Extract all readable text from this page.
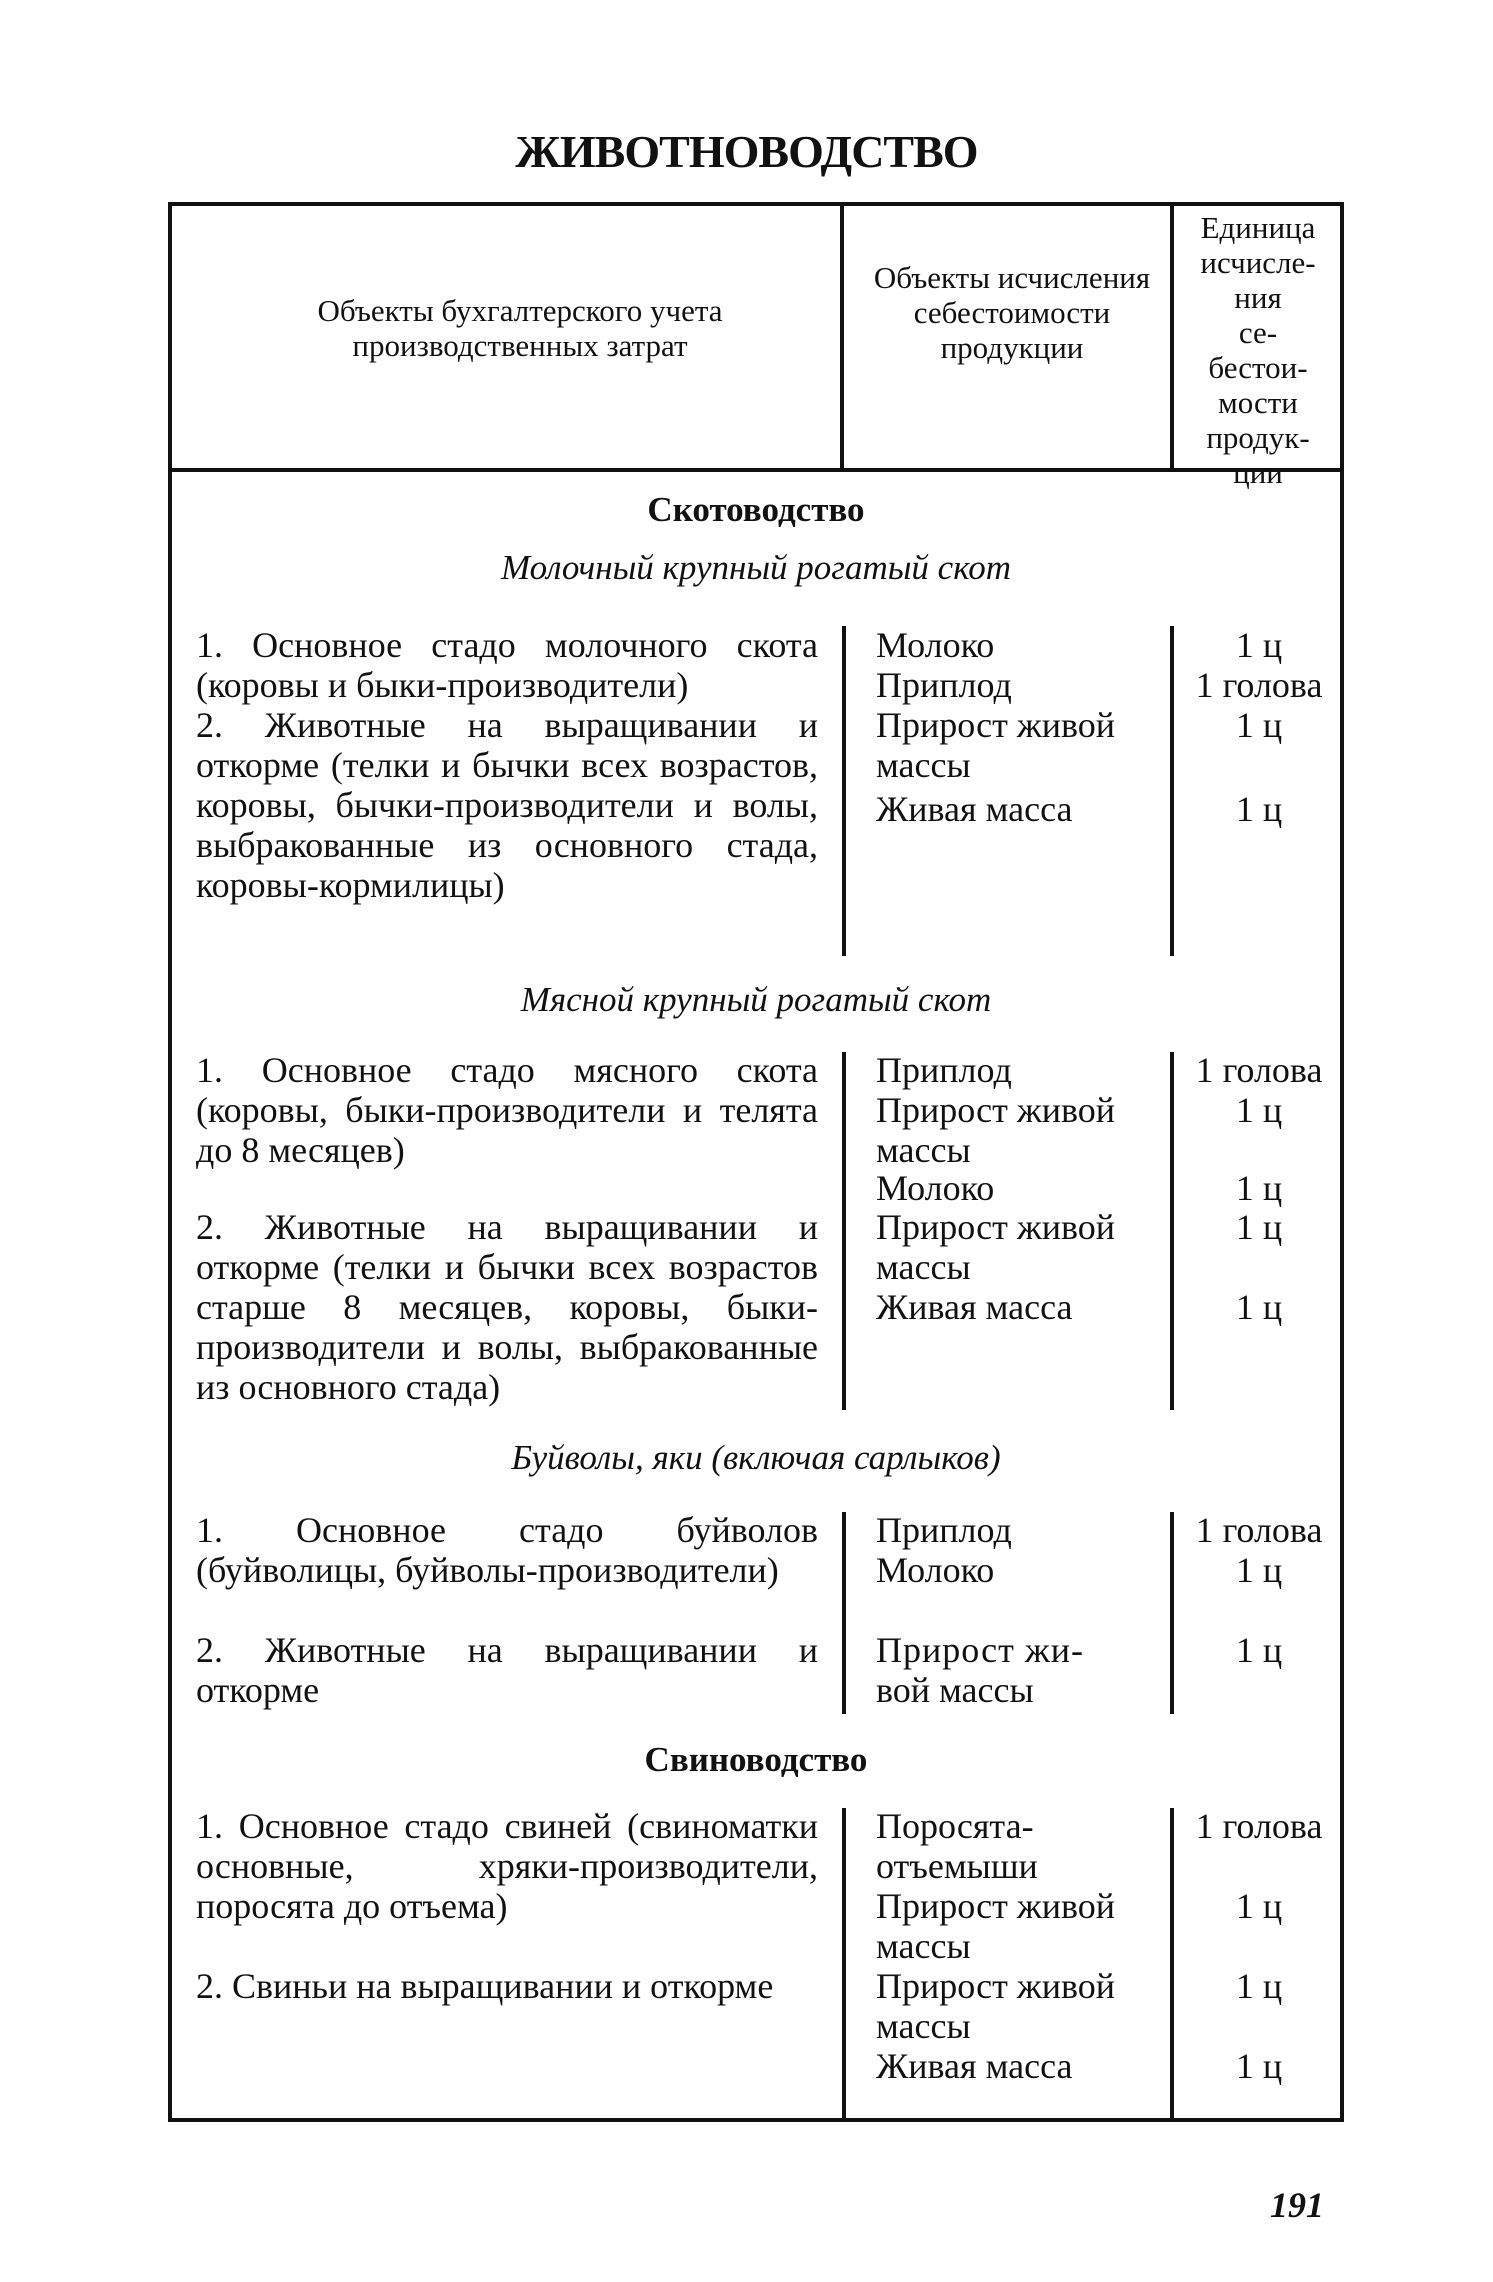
ЖИВОТНОВОДСТВО
Объекты бухгалтерского учета производственных затрат
Объекты исчисления себестоимости продукции
Единица исчисле- ния се- бестои- мости продук- ции
Скотоводство
Молочный крупный рогатый скот
1. Основное стадо молочного скота (коровы и быки-производители)
2. Животные на выращивании и откорме (телки и бычки всех возрастов, коровы, бычки-производители и волы, выбракованные из основного стада, коровы-кормилицы)
Молоко
Приплод
Прирост живой
массы
Живая масса
1 ц
1 голова
1 ц
1 ц
Мясной крупный рогатый скот
1. Основное стадо мясного скота (коровы, быки-производители и телята до 8 месяцев)
2. Животные на выращивании и откорме (телки и бычки всех возрастов старше 8 месяцев, коровы, быки-производители и волы, выбракованные из основного стада)
Приплод
Прирост живой
массы
Молоко
Прирост живой
массы
Живая масса
1 голова
1 ц
1 ц
1 ц
1 ц
Буйволы, яки (включая сарлыков)
1. Основное стадо буйволов (буйволицы, буйволы-производители)
2. Животные на выращивании и откорме
Приплод
Молоко
Прирост жи-
вой массы
1 голова
1 ц
1 ц
Свиноводство
1. Основное стадо свиней (свиноматки основные, хряки-производители, поросята до отъема)
2. Свиньи на выращивании и откорме
Поросята-
отъемыши
Прирост живой
массы
Прирост живой
массы
Живая масса
1 голова
1 ц
1 ц
1 ц
191
